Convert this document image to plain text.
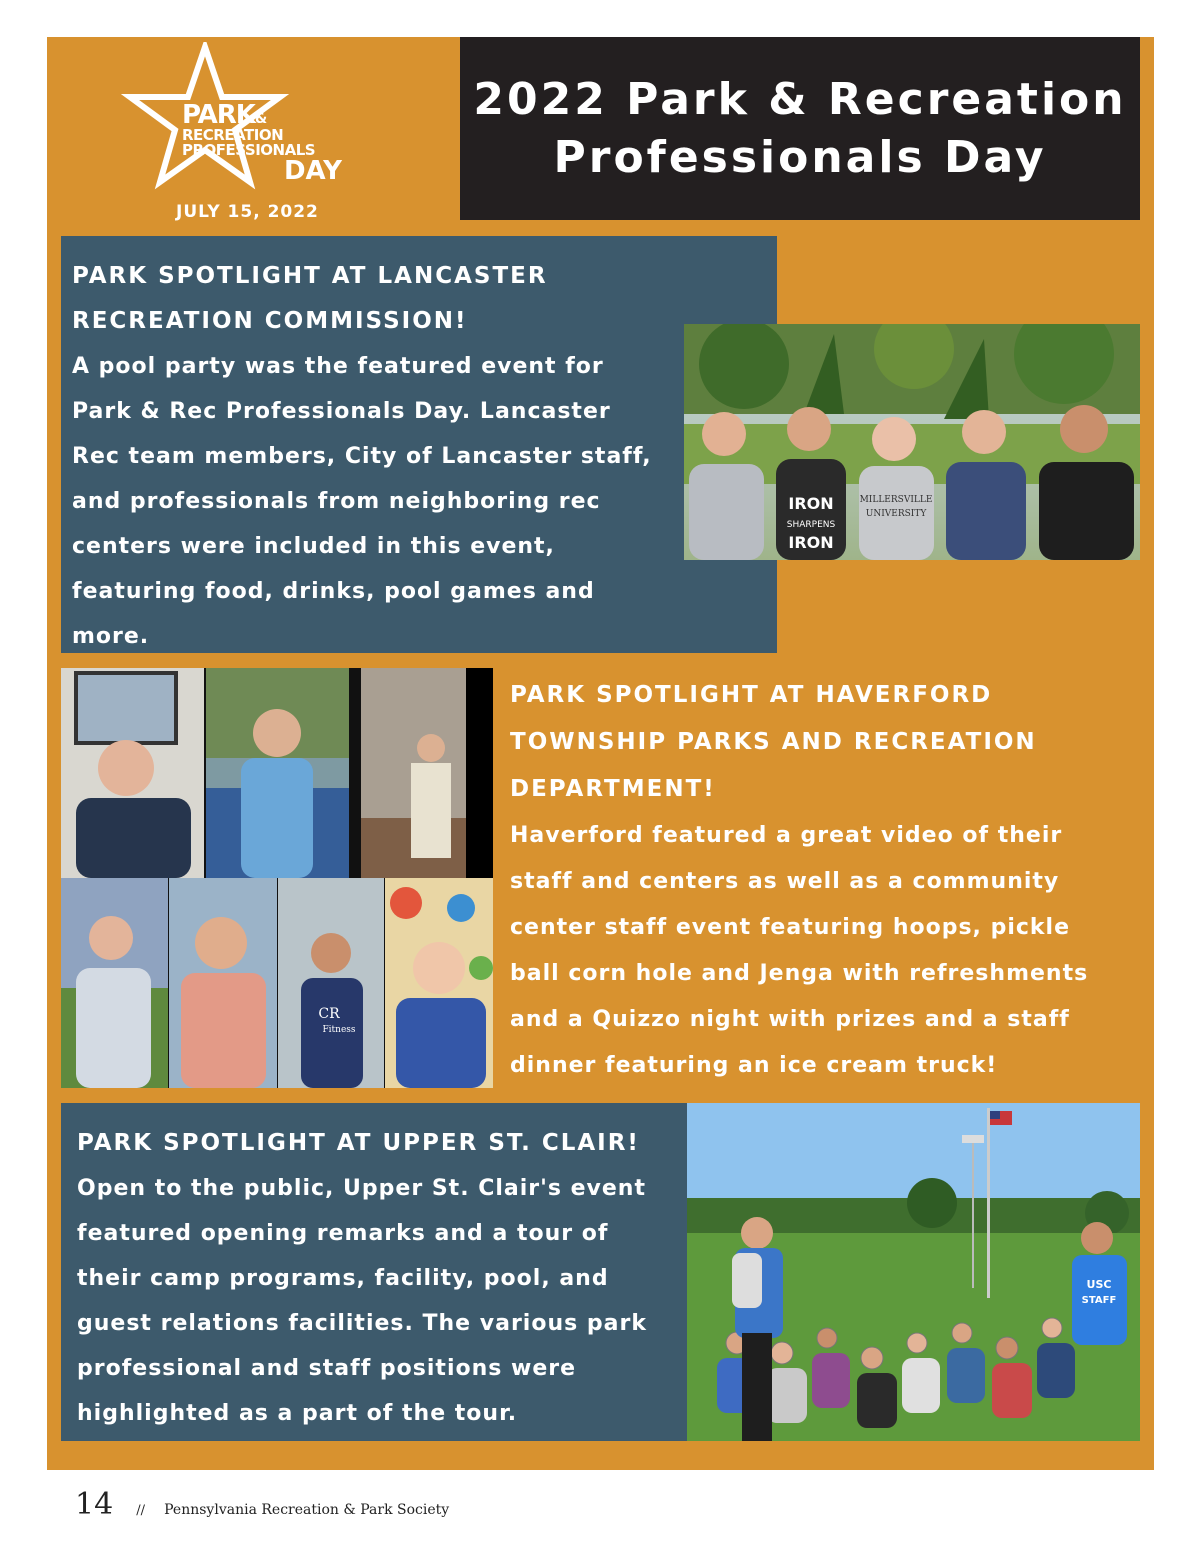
PARK&
RECREATION
PROFESSIONALS
DAY
JULY 15, 2022
2022 Park & Recreation
Professionals Day
PARK SPOTLIGHT AT LANCASTER
RECREATION COMMISSION!
A pool party was the featured event for
Park & Rec Professionals Day. Lancaster
Rec team members, City of Lancaster staff,
and professionals from neighboring rec
centers were included in this event,
featuring food, drinks, pool games and
more.
IRON
SHARPENS
IRON
MILLERSVILLE
UNIVERSITY
CR
Fitness
PARK SPOTLIGHT AT HAVERFORD
TOWNSHIP PARKS AND RECREATION
DEPARTMENT!
Haverford featured a great video of their
staff and centers as well as a community
center staff event featuring hoops, pickle
ball corn hole and Jenga with refreshments
and a Quizzo night with prizes and a staff
dinner featuring an ice cream truck!
PARK SPOTLIGHT AT UPPER ST. CLAIR!
Open to the public, Upper St. Clair's event
featured opening remarks and a tour of
their camp programs, facility, pool, and
guest relations facilities. The various park
professional and staff positions were
highlighted as a part of the tour.
USC
STAFF
14 // Pennsylvania Recreation & Park Society
